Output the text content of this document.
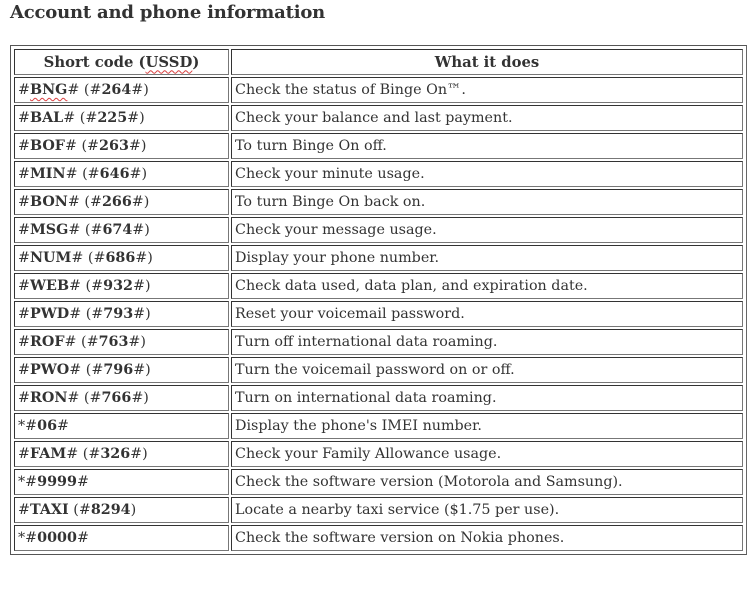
Account and phone information
Short code (USSD)	What it does
#BNG# (#264#)	Check the status of Binge On™.
#BAL# (#225#)	Check your balance and last payment.
#BOF# (#263#)	To turn Binge On off.
#MIN# (#646#)	Check your minute usage.
#BON# (#266#)	To turn Binge On back on.
#MSG# (#674#)	Check your message usage.
#NUM# (#686#)	Display your phone number.
#WEB# (#932#)	Check data used, data plan, and expiration date.
#PWD# (#793#)	Reset your voicemail password.
#ROF# (#763#)	Turn off international data roaming.
#PWO# (#796#)	Turn the voicemail password on or off.
#RON# (#766#)	Turn on international data roaming.
*#06#	Display the phone's IMEI number.
#FAM# (#326#)	Check your Family Allowance usage.
*#9999#	Check the software version (Motorola and Samsung).
#TAXI (#8294)	Locate a nearby taxi service ($1.75 per use).
*#0000#	Check the software version on Nokia phones.
